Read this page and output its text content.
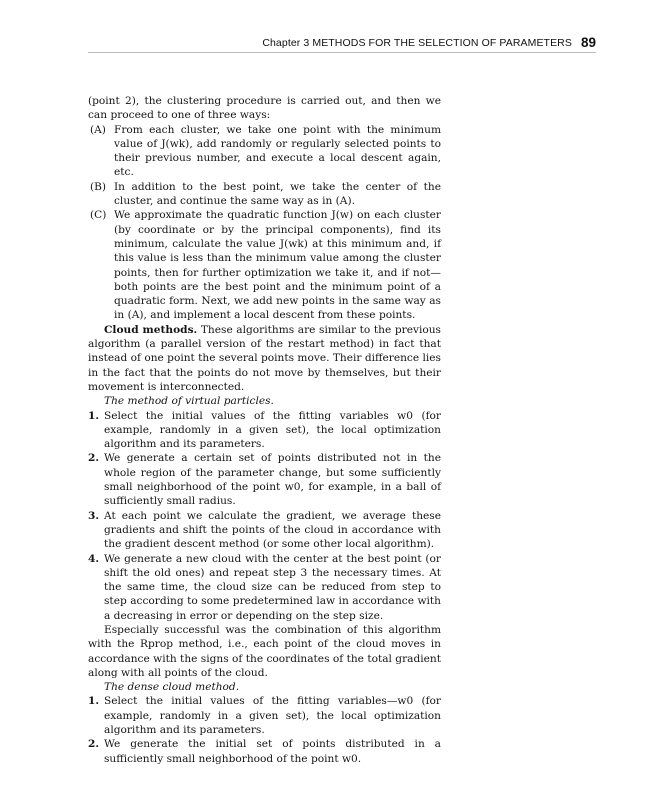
Chapter 3 METHODS FOR THE SELECTION OF PARAMETERS 89

(point 2), the clustering procedure is carried out, and then we can proceed to one of three ways:

(A) From each cluster, we take one point with the minimum value of J(wk), add randomly or regularly selected points to their previous number, and execute a local descent again, etc.

(B) In addition to the best point, we take the center of the cluster, and continue the same way as in (A).

(C) We approximate the quadratic function J(w) on each cluster (by coordinate or by the principal components), find its minimum, calculate the value J(wk) at this minimum and, if this value is less than the minimum value among the cluster points, then for further optimization we take it, and if not—both points are the best point and the minimum point of a quadratic form. Next, we add new points in the same way as in (A), and implement a local descent from these points.

Cloud methods. These algorithms are similar to the previous algorithm (a parallel version of the restart method) in fact that instead of one point the several points move. Their difference lies in the fact that the points do not move by themselves, but their movement is interconnected.

The method of virtual particles.

1. Select the initial values of the fitting variables w0 (for example, randomly in a given set), the local optimization algorithm and its parameters.

2. We generate a certain set of points distributed not in the whole region of the parameter change, but some sufficiently small neighborhood of the point w0, for example, in a ball of sufficiently small radius.

3. At each point we calculate the gradient, we average these gradients and shift the points of the cloud in accordance with the gradient descent method (or some other local algorithm).

4. We generate a new cloud with the center at the best point (or shift the old ones) and repeat step 3 the necessary times. At the same time, the cloud size can be reduced from step to step according to some predetermined law in accordance with a decreasing in error or depending on the step size.

Especially successful was the combination of this algorithm with the Rprop method, i.e., each point of the cloud moves in accordance with the signs of the coordinates of the total gradient along with all points of the cloud.

The dense cloud method.

1. Select the initial values of the fitting variables—w0 (for example, randomly in a given set), the local optimization algorithm and its parameters.

2. We generate the initial set of points distributed in a sufficiently small neighborhood of the point w0.
